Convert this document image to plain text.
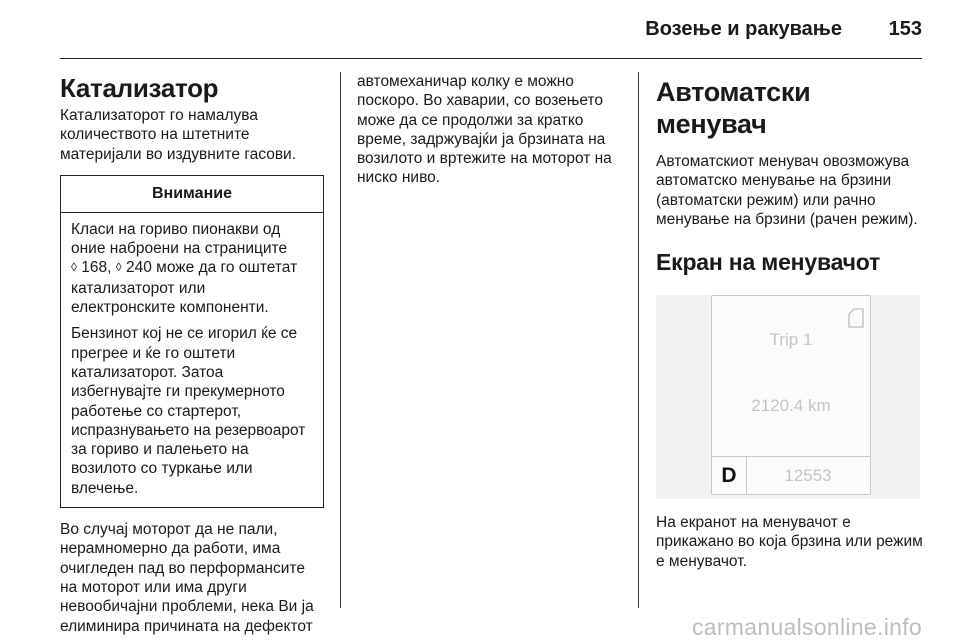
Возење и ракување 153
Катализатор

Катализаторот го намалува количеството на штетните материјали во издувните гасови.

Внимание

Класи на гориво пионакви од оние наброени на страниците
◊ 168, ◊ 240 може да го оштетат катализаторот или електронските компоненти.

Бензинот кој не се игорил ќе се прегрее и ќе го оштети катализаторот. Затоа избегнувајте ги прекумерното работење со стартерот, испразнувањето на резервоарот за гориво и палењето на возилото со туркање или влечење.

Во случај моторот да не пали, нерамномерно да работи, има очигледен пад во перформансите на моторот или има други невообичајни проблеми, нека Ви ја елиминира причината на дефектот

автомеханичар колку е можно поскоро. Во хаварии, со возењето може да се продолжи за кратко време, задржувајќи ја брзината на возилото и вртежите на моторот на ниско ниво.

Автоматски менувач

Автоматскиот менувач овозможува автоматско менување на брзини (автоматски режим) или рачно менување на брзини (рачен режим).

Екран на менувачот
Trip 1
2120.4 km
D	12553

На екранот на менувачот е прикажано во која брзина или режим е менувачот.

carmanualsonline.info
